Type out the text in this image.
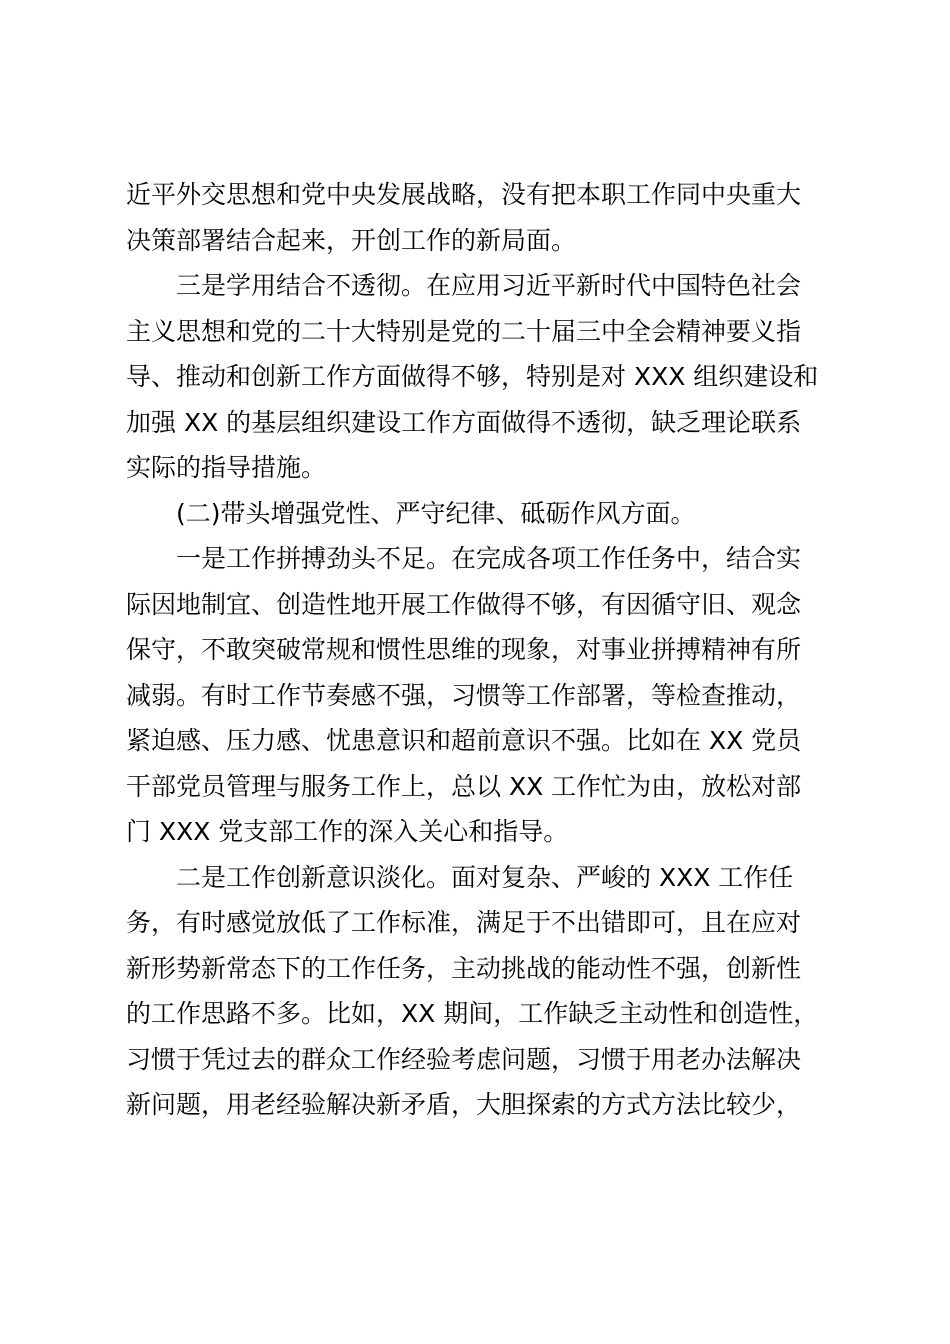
近平外交思想和党中央发展战略，没有把本职工作同中央重大
决策部署结合起来，开创工作的新局面。
三是学用结合不透彻。在应用习近平新时代中国特色社会
主义思想和党的二十大特别是党的二十届三中全会精神要义指
导、推动和创新工作方面做得不够，特别是对 XXX 组织建设和
加强 XX 的基层组织建设工作方面做得不透彻，缺乏理论联系
实际的指导措施。
(二)带头增强党性、严守纪律、砥砺作风方面。
一是工作拼搏劲头不足。在完成各项工作任务中，结合实
际因地制宜、创造性地开展工作做得不够，有因循守旧、观念
保守，不敢突破常规和惯性思维的现象，对事业拼搏精神有所
减弱。有时工作节奏感不强，习惯等工作部署，等检查推动，
紧迫感、压力感、忧患意识和超前意识不强。比如在 XX 党员
干部党员管理与服务工作上，总以 XX 工作忙为由，放松对部
门 XXX 党支部工作的深入关心和指导。
二是工作创新意识淡化。面对复杂、严峻的 XXX 工作任
务，有时感觉放低了工作标准，满足于不出错即可，且在应对
新形势新常态下的工作任务，主动挑战的能动性不强，创新性
的工作思路不多。比如，XX 期间，工作缺乏主动性和创造性，
习惯于凭过去的群众工作经验考虑问题，习惯于用老办法解决
新问题，用老经验解决新矛盾，大胆探索的方式方法比较少，
